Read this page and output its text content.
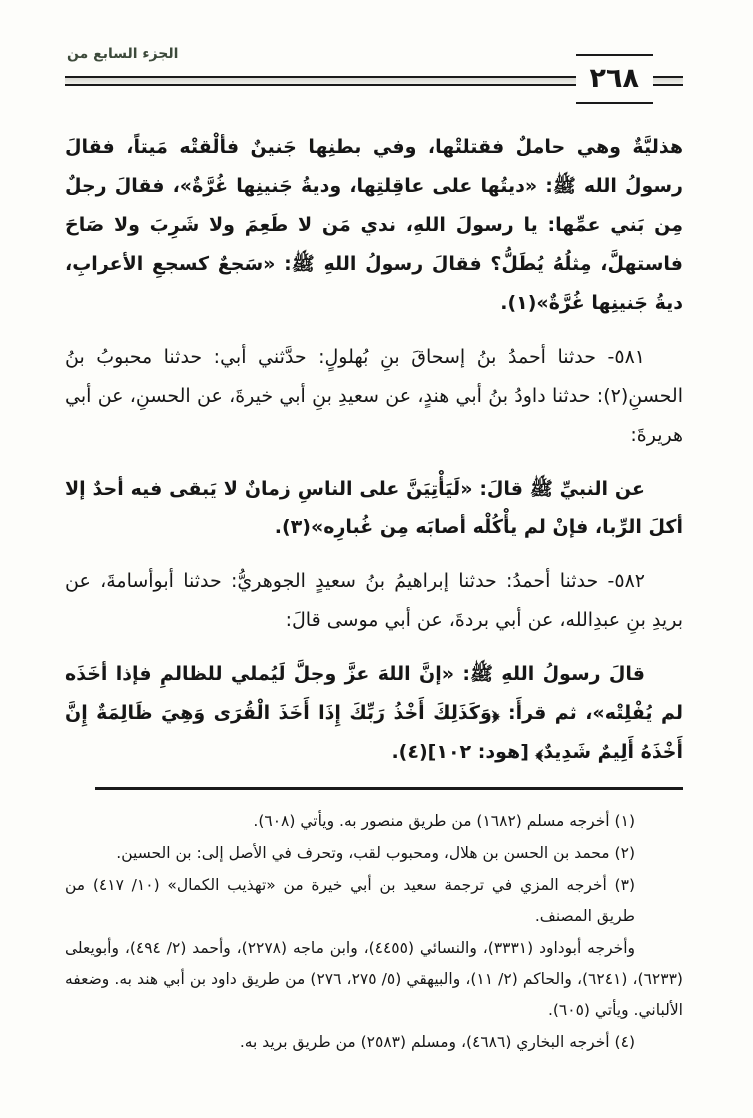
الجزء السابع من
٢٦٨

هذليَّةٌ وهي حاملٌ فقتلتْها، وفي بطنِها جَنينٌ فألْقتْه مَيتاً، فقالَ رسولُ الله ﷺ: «ديتُها على عاقِلتِها، وديةُ جَنينِها غُرَّةٌ»، فقالَ رجلٌ مِن بَني عمِّها: يا رسولَ اللهِ، ندي مَن لا طَعِمَ ولا شَرِبَ ولا صَاحَ فاستهلَّ، مِثلُهُ يُطَلُّ؟ فقالَ رسولُ اللهِ ﷺ: «سَجعٌ كسجعِ الأعرابِ، ديةُ جَنينِها غُرَّةٌ»(١).

٥٨١- حدثنا أحمدُ بنُ إسحاقَ بنِ بُهلولٍ: حدَّثني أبي: حدثنا محبوبُ بنُ الحسنِ(٢): حدثنا داودُ بنُ أبي هندٍ، عن سعيدِ بنِ أبي خيرةَ، عن الحسنِ، عن أبي هريرةَ:

عن النبيِّ ﷺ قالَ: «لَيَأْتِيَنَّ على الناسِ زمانٌ لا يَبقى فيه أحدٌ إلا أكلَ الرِّبا، فإنْ لم يأْكُلْه أصابَه مِن غُبارِه»(٣).

٥٨٢- حدثنا أحمدُ: حدثنا إبراهيمُ بنُ سعيدٍ الجوهريُّ: حدثنا أبوأسامةَ، عن بريدِ بنِ عبدِالله، عن أبي بردةَ، عن أبي موسى قالَ:

قالَ رسولُ اللهِ ﷺ: «إنَّ اللهَ عزَّ وجلَّ لَيُملي للظالمِ فإذا أخَذَه لم يُفْلِتْه»، ثم قرأَ: ﴿وَكَذَلِكَ أَخْذُ رَبِّكَ إِذَا أَخَذَ الْقُرَى وَهِيَ ظَالِمَةٌ إِنَّ أَخْذَهُ أَلِيمٌ شَدِيدٌ﴾ [هود: ١٠٢](٤).

(١) أخرجه مسلم (١٦٨٢) من طريق منصور به. ويأتي (٦٠٨).
(٢) محمد بن الحسن بن هلال، ومحبوب لقب، وتحرف في الأصل إلى: بن الحسين.
(٣) أخرجه المزي في ترجمة سعيد بن أبي خيرة من «تهذيب الكمال» (١٠/ ٤١٧) من طريق المصنف.

وأخرجه أبوداود (٣٣٣١)، والنسائي (٤٤٥٥)، وابن ماجه (٢٢٧٨)، وأحمد (٢/ ٤٩٤)، وأبويعلى (٦٢٣٣)، (٦٢٤١)، والحاكم (٢/ ١١)، والبيهقي (٥/ ٢٧٥، ٢٧٦) من طريق داود بن أبي هند به. وضعفه الألباني. ويأتي (٦٠٥).

(٤) أخرجه البخاري (٤٦٨٦)، ومسلم (٢٥٨٣) من طريق بريد به.
